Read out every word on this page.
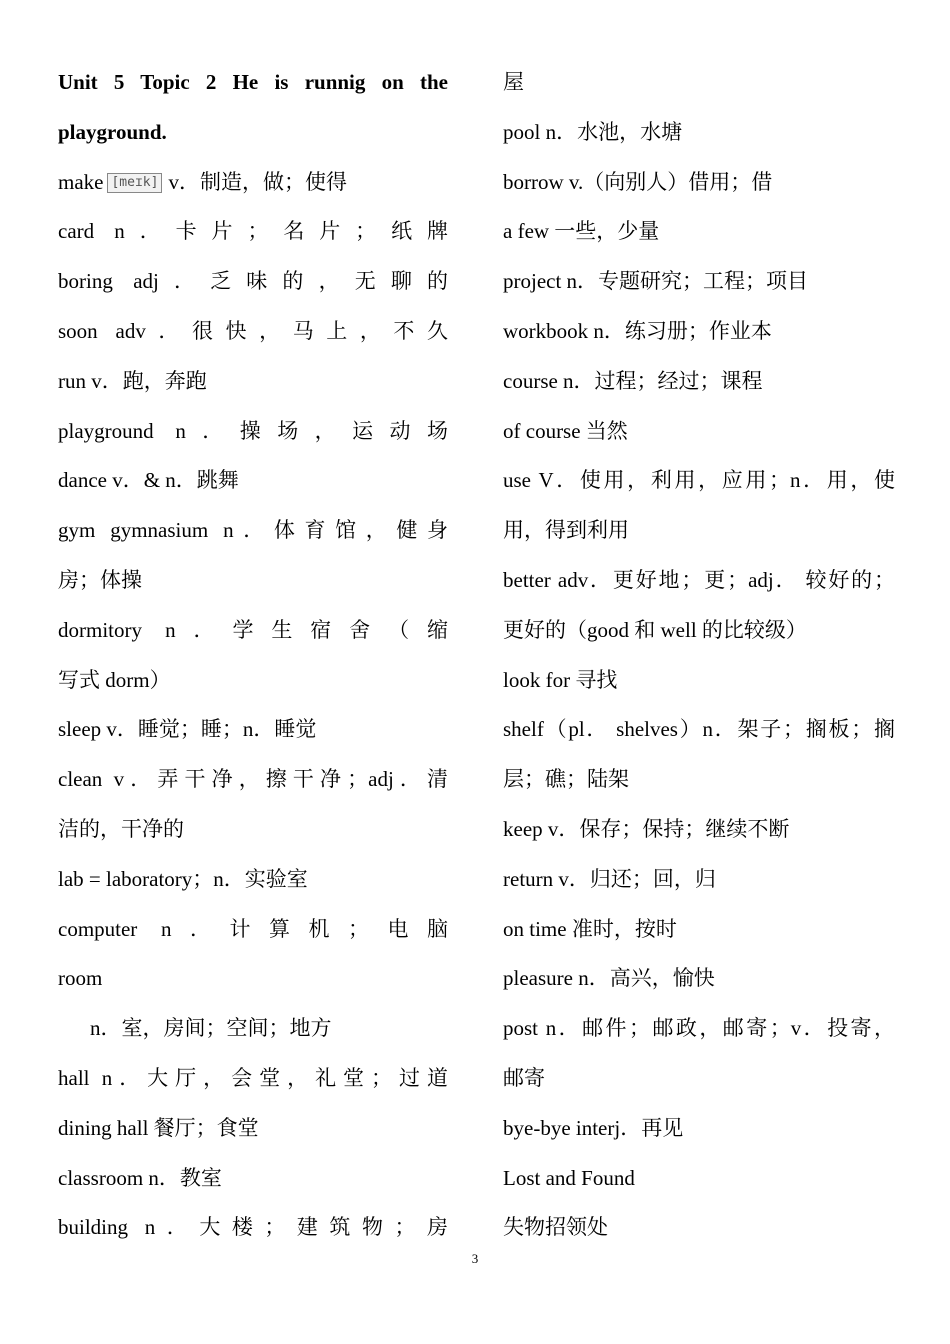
Unit 5 Topic 2 He is runnig on the
playground.
make [meɪk] v．制造，做；使得
card n．卡片；名片；纸牌
boring adj．乏味的，无聊的
soon adv．很快，马上，不久
run v．跑，奔跑
playground n．操场，运动场
dance v．& n．跳舞
gym gymnasium n．体育馆，健身
房；体操
dormitory n．学生宿舍（缩
写式 dorm）
sleep v．睡觉；睡；n．睡觉
clean v．弄干净，擦干净；adj．清
洁的，干净的
lab = laboratory；n．实验室
computer n．计算机；电脑
room
n．室，房间；空间；地方
hall n．大厅，会堂，礼堂；过道
dining hall 餐厅；食堂
classroom n．教室
building n．大楼；建筑物；房
屋
pool n．水池，水塘
borrow v.（向别人）借用；借
a few 一些，少量
project n．专题研究；工程；项目
workbook n．练习册；作业本
course n．过程；经过；课程
of course 当然
use V．使用，利用，应用；n．用，使
用，得到利用
better adv．更好地；更；adj． 较好的；
更好的（good 和 well 的比较级）
look for 寻找
shelf（pl． shelves）n．架子；搁板；搁
层；礁；陆架
keep v．保存；保持；继续不断
return v．归还；回，归
on time 准时，按时
pleasure n．高兴，愉快
post n．邮件；邮政，邮寄；v．投寄，
邮寄
bye-bye interj．再见
Lost and Found
失物招领处
3
